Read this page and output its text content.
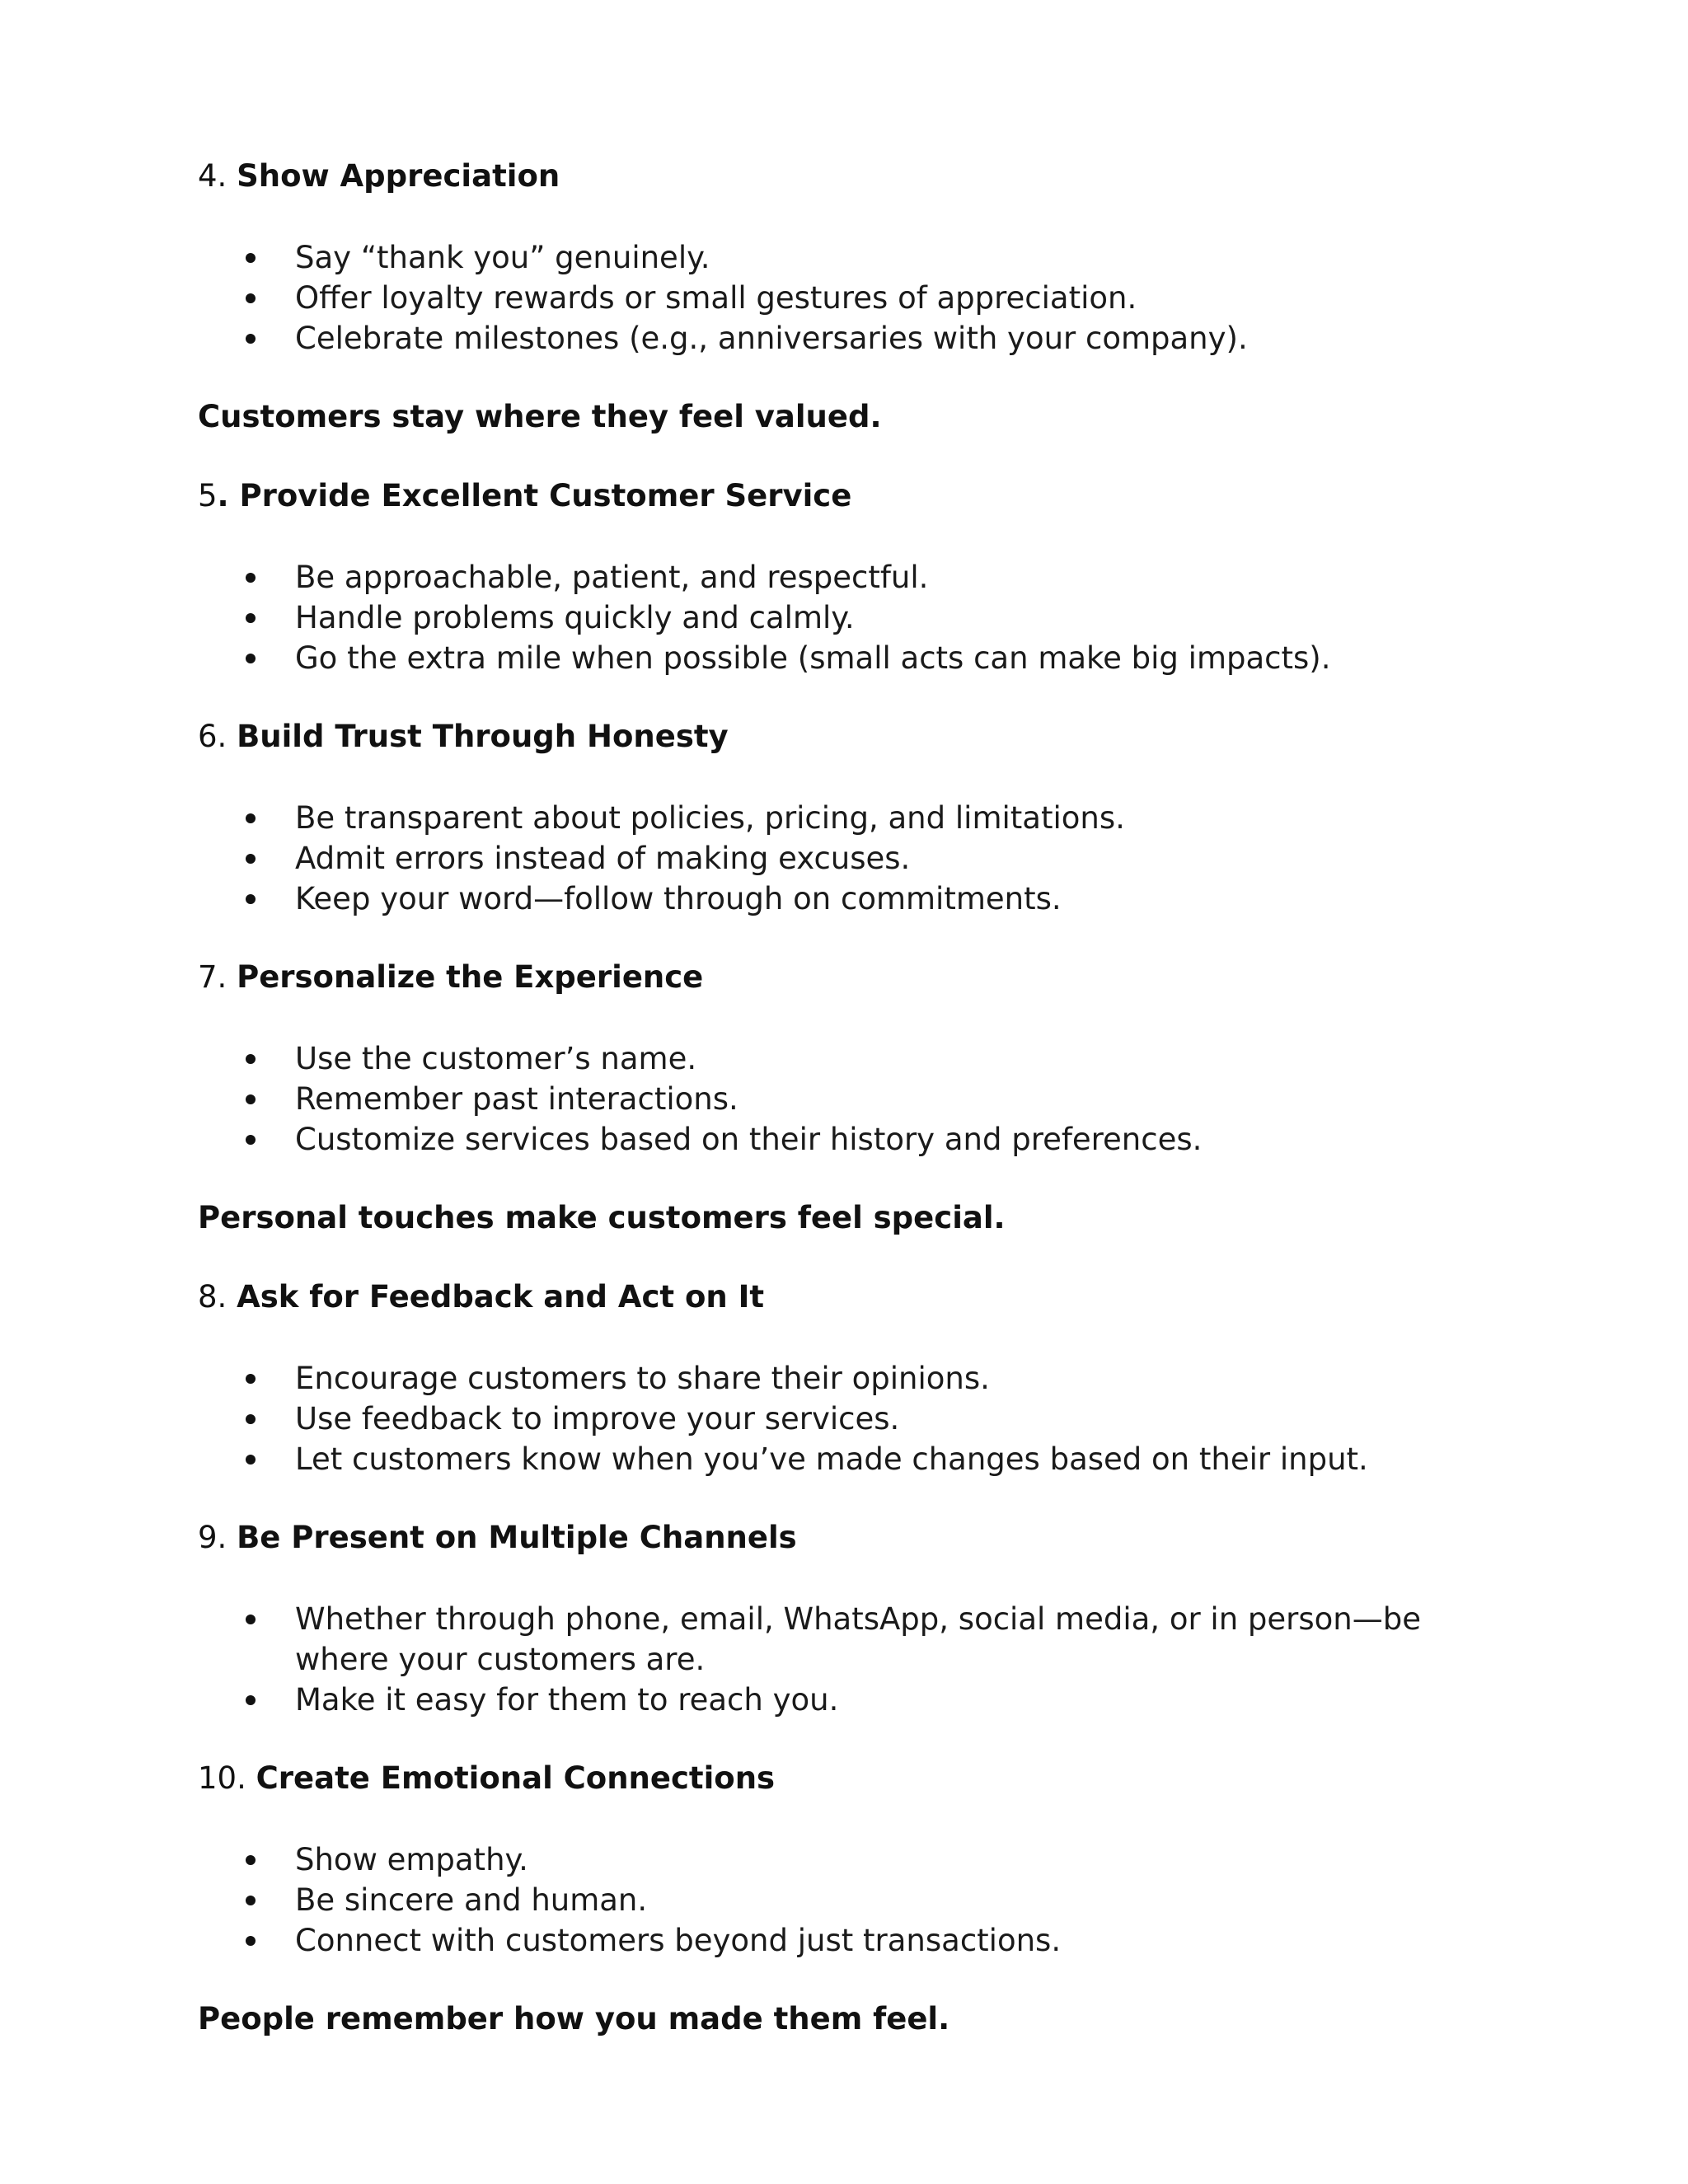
4. Show Appreciation
Say “thank you” genuinely.
Offer loyalty rewards or small gestures of appreciation.
Celebrate milestones (e.g., anniversaries with your company).
Customers stay where they feel valued.
5. Provide Excellent Customer Service
Be approachable, patient, and respectful.
Handle problems quickly and calmly.
Go the extra mile when possible (small acts can make big impacts).
6. Build Trust Through Honesty
Be transparent about policies, pricing, and limitations.
Admit errors instead of making excuses.
Keep your word—follow through on commitments.
7. Personalize the Experience
Use the customer’s name.
Remember past interactions.
Customize services based on their history and preferences.
Personal touches make customers feel special.
8. Ask for Feedback and Act on It
Encourage customers to share their opinions.
Use feedback to improve your services.
Let customers know when you’ve made changes based on their input.
9. Be Present on Multiple Channels
Whether through phone, email, WhatsApp, social media, or in person—be where your customers are.
Make it easy for them to reach you.
10. Create Emotional Connections
Show empathy.
Be sincere and human.
Connect with customers beyond just transactions.
People remember how you made them feel.
